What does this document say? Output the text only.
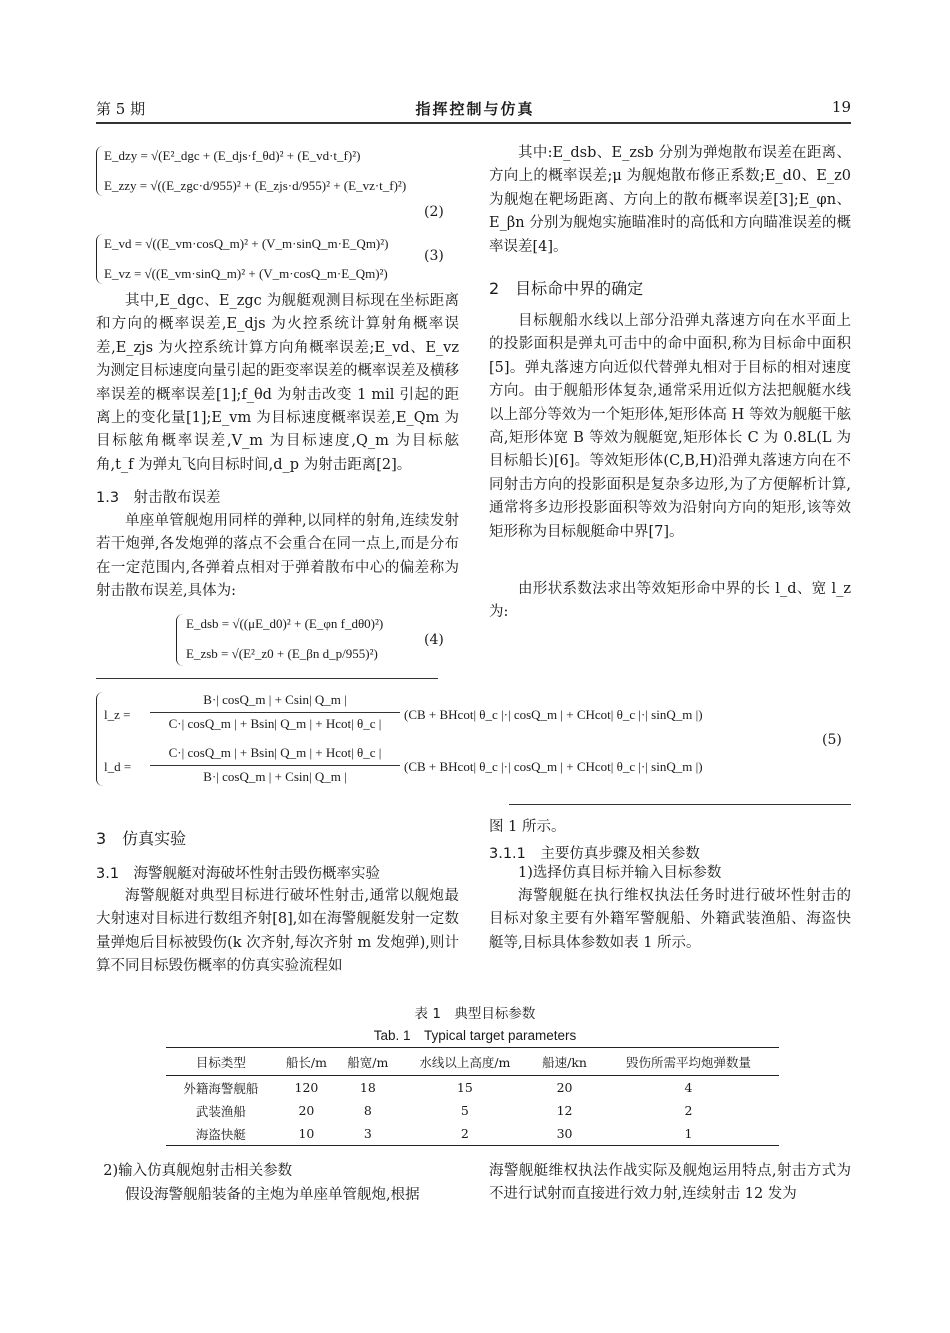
第 5 期	指挥控制与仿真	19
E_dzy = √(E²_dgc + (E_djs·f_θd)² + (E_vd·t_f)²)
E_zzy = √((E_zgc·d/955)² + (E_zjs·d/955)² + (E_vz·t_f)²)
(2)
E_vd = √((E_vm·cosQ_m)² + (V_m·sinQ_m·E_Qm)²)
E_vz = √((E_vm·sinQ_m)² + (V_m·cosQ_m·E_Qm)²)
(3)

其中,E_dgc、E_zgc 为舰艇观测目标现在坐标距离和方向的概率误差,E_djs 为火控系统计算射角概率误差,E_zjs 为火控系统计算方向角概率误差;E_vd、E_vz 为测定目标速度向量引起的距变率误差的概率误差及横移率误差的概率误差[1];f_θd 为射击改变 1 mil 引起的距离上的变化量[1];E_vm 为目标速度概率误差,E_Qm 为目标舷角概率误差,V_m 为目标速度,Q_m 为目标舷角,t_f 为弹丸飞向目标时间,d_p 为射击距离[2]。

1.3　射击散布误差

单座单管舰炮用同样的弹种,以同样的射角,连续发射若干炮弹,各发炮弹的落点不会重合在同一点上,而是分布在一定范围内,各弹着点相对于弹着散布中心的偏差称为射击散布误差,具体为:

E_dsb = √((μE_d0)² + (E_φn f_dθ0)²)
E_zsb = √(E²_z0 + (E_βn d_p/955)²)
(4)

其中:E_dsb、E_zsb 分别为弹炮散布误差在距离、方向上的概率误差;μ 为舰炮散布修正系数;E_d0、E_z0 为舰炮在靶场距离、方向上的散布概率误差[3];E_φn、E_βn 分别为舰炮实施瞄准时的高低和方向瞄准误差的概率误差[4]。

2　目标命中界的确定

目标舰船水线以上部分沿弹丸落速方向在水平面上的投影面积是弹丸可击中的命中面积,称为目标命中面积[5]。弹丸落速方向近似代替弹丸相对于目标的相对速度方向。由于舰船形体复杂,通常采用近似方法把舰艇水线以上部分等效为一个矩形体,矩形体高 H 等效为舰艇干舷高,矩形体宽 B 等效为舰艇宽,矩形体长 C 为 0.8L(L 为目标船长)[6]。等效矩形体(C,B,H)沿弹丸落速方向在不同射击方向的投影面积是复杂多边形,为了方便解析计算,通常将多边形投影面积等效为沿射向方向的矩形,该等效矩形称为目标舰艇命中界[7]。

由形状系数法求出等效矩形命中界的长 l_d、宽 l_z 为:

l_z =
B·| cosQ_m | + Csin| Q_m |
C·| cosQ_m | + Bsin| Q_m | + Hcot| θ_c |
(CB + BHcot| θ_c |·| cosQ_m | + CHcot| θ_c |·| sinQ_m |)
l_d =
C·| cosQ_m | + Bsin| Q_m | + Hcot| θ_c |
B·| cosQ_m | + Csin| Q_m |
(CB + BHcot| θ_c |·| cosQ_m | + CHcot| θ_c |·| sinQ_m |)
(5)
3　仿真实验
3.1　海警舰艇对海破坏性射击毁伤概率实验

海警舰艇对典型目标进行破坏性射击,通常以舰炮最大射速对目标进行数组齐射[8],如在海警舰艇发射一定数量弹炮后目标被毁伤(k 次齐射,每次齐射 m 发炮弹),则计算不同目标毁伤概率的仿真实验流程如

图 1 所示。

3.1.1　主要仿真步骤及相关参数

1)选择仿真目标并输入目标参数

海警舰艇在执行维权执法任务时进行破坏性射击的目标对象主要有外籍军警舰船、外籍武装渔船、海盗快艇等,目标具体参数如表 1 所示。

表 1　典型目标参数
Tab. 1　Typical target parameters
目标类型	船长/m	船宽/m	水线以上高度/m	船速/kn	毁伤所需平均炮弹数量
外籍海警舰船	120	18	15	20	4
武装渔船	20	8	5	12	2
海盗快艇	10	3	2	30	1

2)输入仿真舰炮射击相关参数

假设海警舰船装备的主炮为单座单管舰炮,根据

海警舰艇维权执法作战实际及舰炮运用特点,射击方式为不进行试射而直接进行效力射,连续射击 12 发为
